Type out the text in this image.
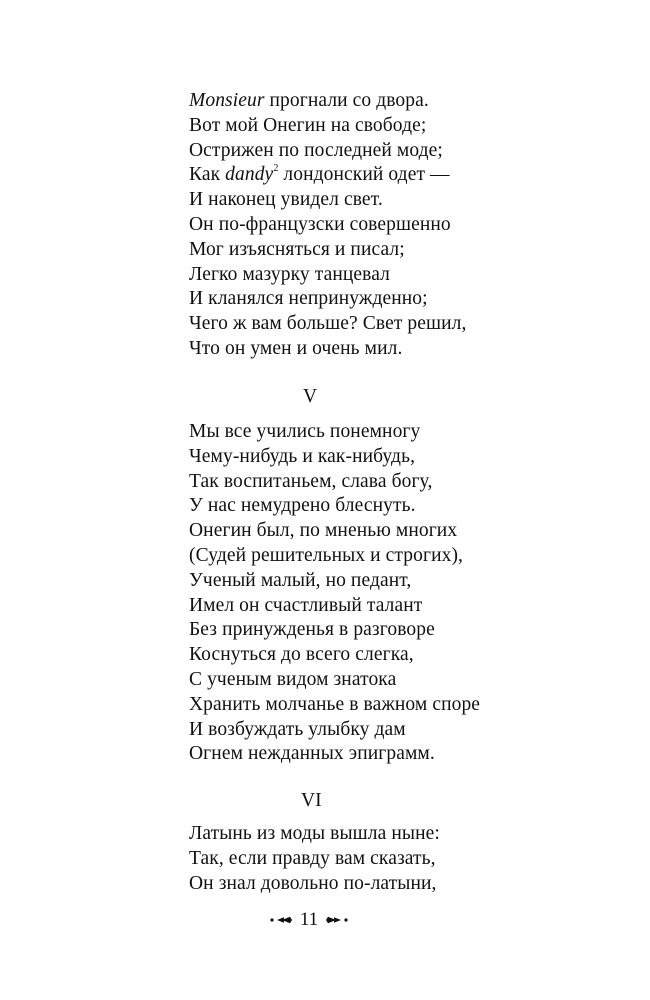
Monsieur прогнали со двора.
Вот мой Онегин на свободе;
Острижен по последней моде;
Как dandy$^2$ лондонский одет —
И наконец увидел свет.
Он по-французски совершенно
Мог изъясняться и писал;
Легко мазурку танцевал
И кланялся непринужденно;
Чего ж вам больше? Свет решил,
Что он умен и очень мил.
V
Мы все учились понемногу
Чему-нибудь и как-нибудь,
Так воспитаньем, слава богу,
У нас немудрено блеснуть.
Онегин был, по мненью многих
(Судей решительных и строгих),
Ученый малый, но педант,
Имел он счастливый талант
Без принужденья в разговоре
Коснуться до всего слегка,
С ученым видом знатока
Хранить молчанье в важном споре
И возбуждать улыбку дам
Огнем нежданных эпиграмм.
VI
Латынь из моды вышла ныне:
Так, если правду вам сказать,
Он знал довольно по-латыни,
11
